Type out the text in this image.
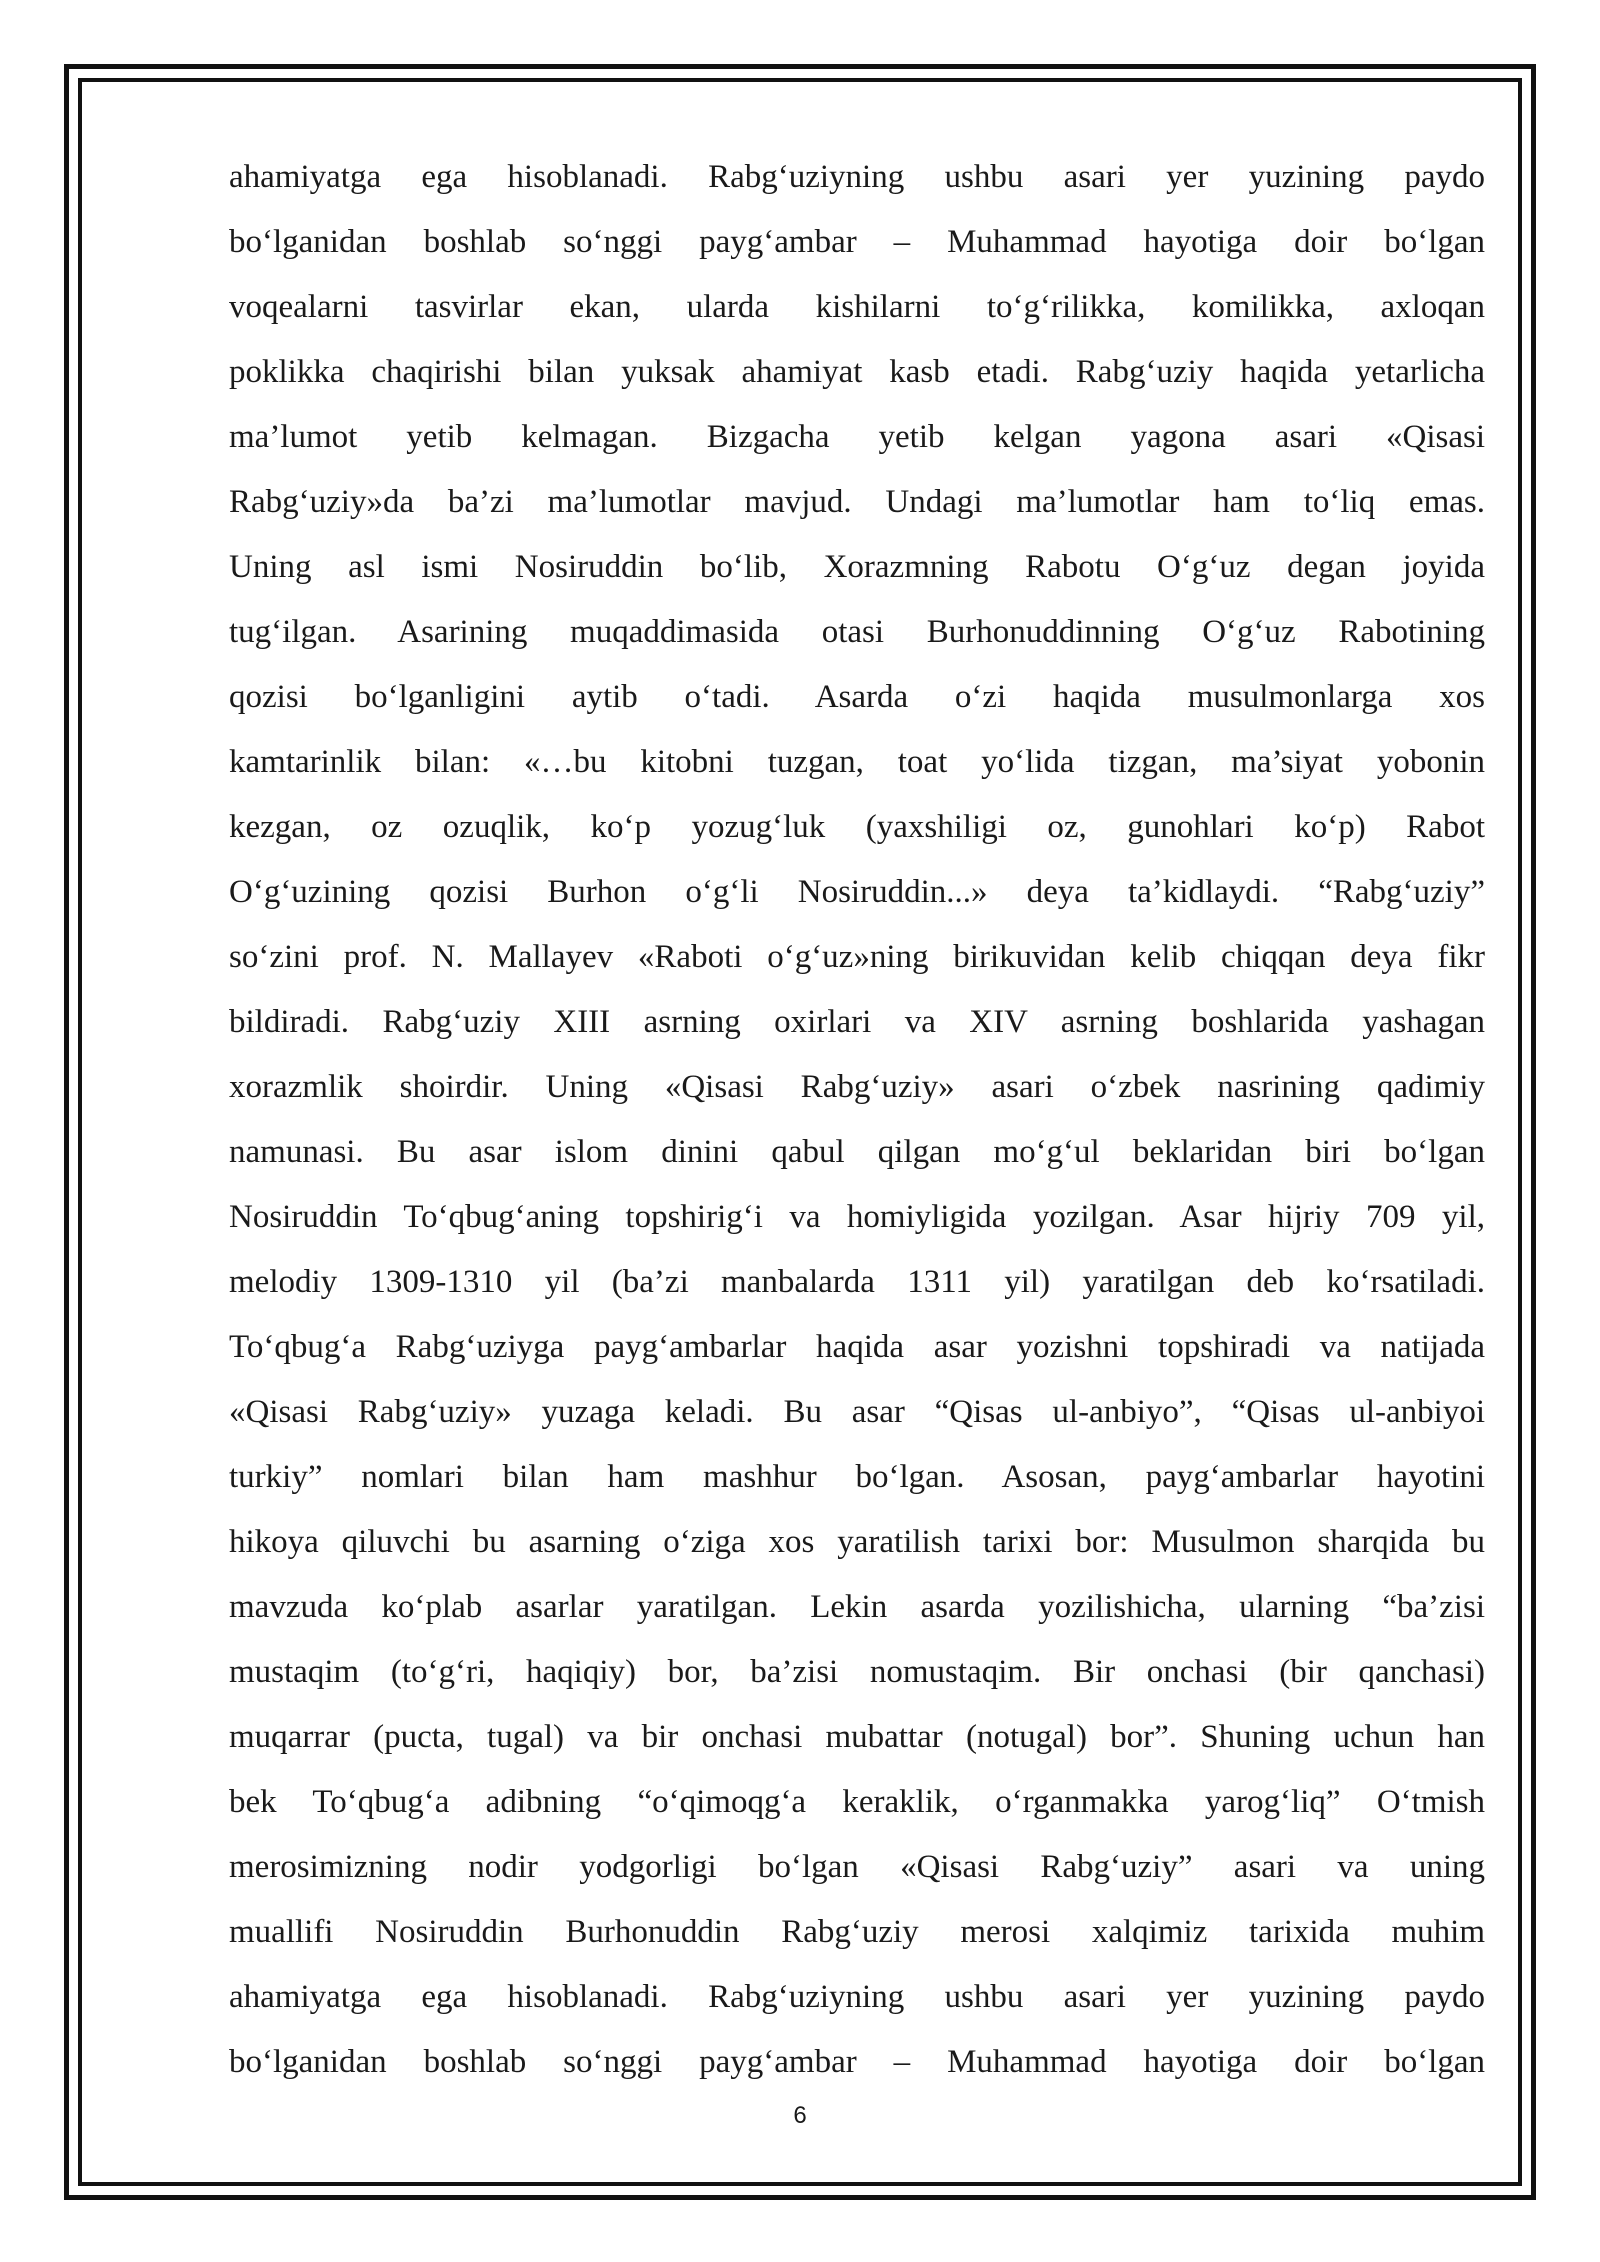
ahamiyatga ega hisoblanadi. Rabg‘uziyning ushbu asari yer yuzining paydo
bo‘lganidan boshlab so‘nggi payg‘ambar – Muhammad hayotiga doir bo‘lgan
voqealarni tasvirlar ekan, ularda kishilarni to‘g‘rilikka, komilikka, axloqan
poklikka chaqirishi bilan yuksak ahamiyat kasb etadi. Rabg‘uziy haqida yetarlicha
ma’lumot yetib kelmagan. Bizgacha yetib kelgan yagona asari «Qisasi
Rabg‘uziy»da ba’zi ma’lumotlar mavjud. Undagi ma’lumotlar ham to‘liq emas.
Uning asl ismi Nosiruddin bo‘lib, Xorazmning Rabotu O‘g‘uz degan joyida
tug‘ilgan. Asarining muqaddimasida otasi Burhonuddinning O‘g‘uz Rabotining
qozisi bo‘lganligini aytib o‘tadi. Asarda o‘zi haqida musulmonlarga xos
kamtarinlik bilan: «…bu kitobni tuzgan, toat yo‘lida tizgan, ma’siyat yobonin
kezgan, oz ozuqlik, ko‘p yozug‘luk (yaxshiligi oz, gunohlari ko‘p) Rabot
O‘g‘uzining qozisi Burhon o‘g‘li Nosiruddin...» deya ta’kidlaydi. “Rabg‘uziy”
so‘zini prof. N. Mallayev «Raboti o‘g‘uz»ning birikuvidan kelib chiqqan deya fikr
bildiradi. Rabg‘uziy XIII asrning oxirlari va XIV asrning boshlarida yashagan
xorazmlik shoirdir. Uning «Qisasi Rabg‘uziy» asari o‘zbek nasrining qadimiy
namunasi. Bu asar islom dinini qabul qilgan mo‘g‘ul beklaridan biri bo‘lgan
Nosiruddin To‘qbug‘aning topshirig‘i va homiyligida yozilgan. Asar hijriy 709 yil,
melodiy 1309-1310 yil (ba’zi manbalarda 1311 yil) yaratilgan deb ko‘rsatiladi.
To‘qbug‘a Rabg‘uziyga payg‘ambarlar haqida asar yozishni topshiradi va natijada
«Qisasi Rabg‘uziy» yuzaga keladi. Bu asar “Qisas ul-anbiyo”, “Qisas ul-anbiyoi
turkiy” nomlari bilan ham mashhur bo‘lgan. Asosan, payg‘ambarlar hayotini
hikoya qiluvchi bu asarning o‘ziga xos yaratilish tarixi bor: Musulmon sharqida bu
mavzuda ko‘plab asarlar yaratilgan. Lekin asarda yozilishicha, ularning “ba’zisi
mustaqim (to‘g‘ri, haqiqiy) bor, ba’zisi nomustaqim. Bir onchasi (bir qanchasi)
muqarrar (pucta, tugal) va bir onchasi mubattar (notugal) bor”. Shuning uchun han
bek To‘qbug‘a adibning “o‘qimoqg‘a keraklik, o‘rganmakka yarog‘liq” O‘tmish
merosimizning nodir yodgorligi bo‘lgan «Qisasi Rabg‘uziy” asari va uning
muallifi Nosiruddin Burhonuddin Rabg‘uziy merosi xalqimiz tarixida muhim
ahamiyatga ega hisoblanadi. Rabg‘uziyning ushbu asari yer yuzining paydo
bo‘lganidan boshlab so‘nggi payg‘ambar – Muhammad hayotiga doir bo‘lgan
6
